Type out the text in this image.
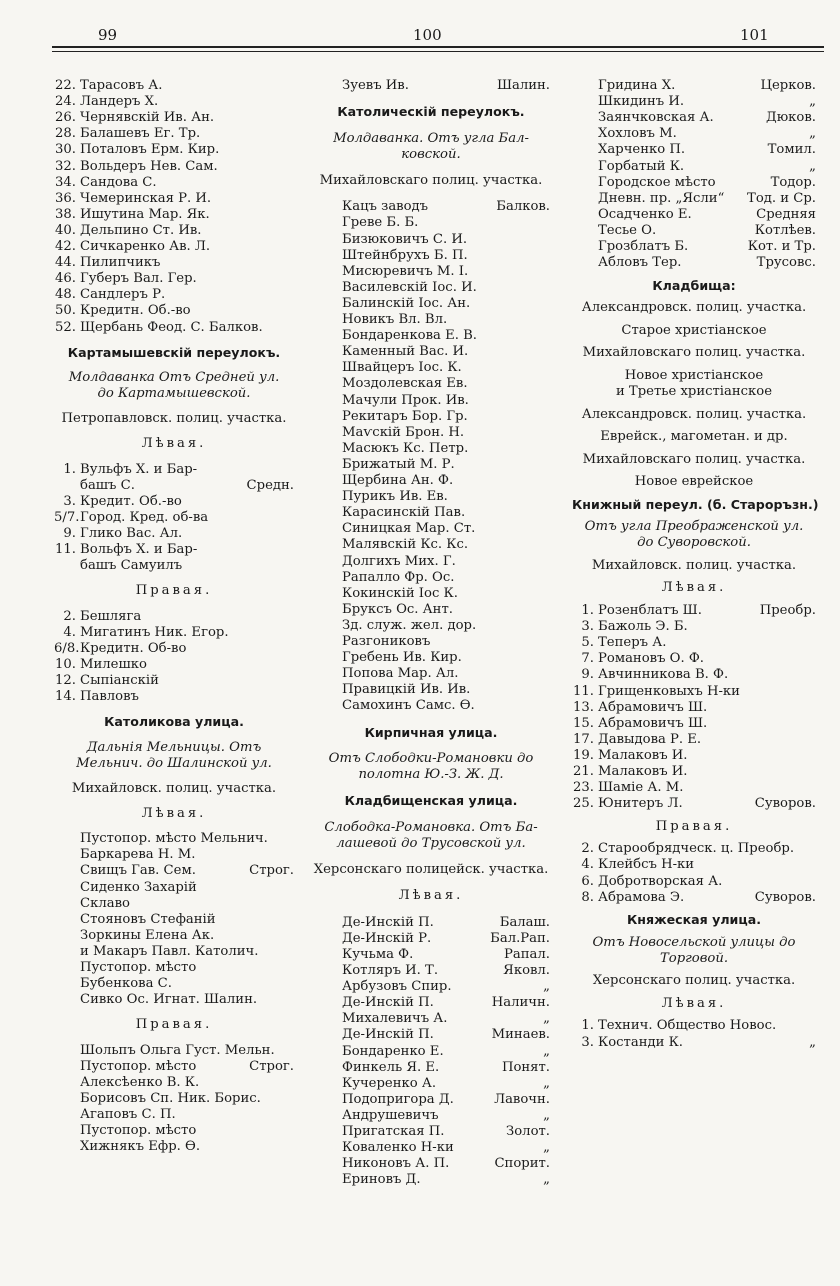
99	100	101
22. Тарасовъ А.
24. Ландеръ Х.
26. Чернявскій Ив. Ан.
28. Балашевъ Ег. Тр.
30. Поталовъ Ерм. Кир.
32. Вольдеръ Нев. Сам.
34. Сандова С.
36. Чемеринская Р. И.
38. Ишутина Мар. Як.
40. Дельпино Ст. Ив.
42. Сичкаренко Ав. Л.
44. Пилипчикъ
46. Губеръ Вал. Гер.
48. Сандлеръ Р.
50. Кредитн. Об.-во
52. Щербань Феод. С. Балков.
Картамышевскій переулокъ.
Молдаванка Отъ Средней ул.
до Картамышевской.
Петропавловск. полиц. участка.
Лѣвая.
1. Вульфъ Х. и Бар-
башъ С.	Средн.
3. Кредит. Об.-во
5/7.Город. Кред. об-ва
9. Глико Вас. Ал.
11. Вольфъ Х. и Бар-
башъ Самуилъ
Правая.
2. Бешляга
4. Мигатинъ Ник. Егор.
6/8.Кредитн. Об-во
10. Милешко
12. Сыпіанскій
14. Павловъ
Католикова улица.
Дальнія Мельницы. Отъ
Мельнич. до Шалинской ул.
Михайловск. полиц. участка.
Лѣвая.
Пустопор. мѣсто Мельнич.
Баркарева Н. М.
Свищъ Гав. Сем.	Строг.
Сиденко Захарій
Склаво
Стояновъ Стефаній
Зоркины Елена Ак.
и Макаръ Павл. Католич.
Пустопор. мѣсто
Бубенкова С.
Сивко Ос. Игнат. Шалин.
Правая.
Шольпъ Ольга Густ. Мельн.
Пустопор. мѣсто	Строг.
Алексѣенко В. К.
Борисовъ Сп. Ник. Борис.
Агаповъ С. П.
Пустопор. мѣсто
Хижнякъ Ефр. Ѳ.
Зуевъ Ив.	Шалин.
Католическій переулокъ.
Молдаванка. Отъ угла Бал-
ковской.
Михайловскаго полиц. участка.
Кацъ заводъ	Балков.
Греве Б. Б.
Бизюковичъ С. И.
Штейнбрухъ Б. П.
Мисюревичъ М. І.
Василевскій Іос. И.
Балинскій Іос. Ан.
Новикъ Вл. Вл.
Бондаренкова Е. В.
Каменный Вас. И.
Швайцеръ Іос. К.
Моздолевская Ев.
Мачули Прок. Ив.
Рекитаръ Бор. Гр.
Маѵскій Брон. Н.
Масюкъ Кс. Петр.
Брижатый М. Р.
Щербина Ан. Ф.
Пурикъ Ив. Ев.
Карасинскій Пав.
Синицкая Мар. Ст.
Малявскій Кс. Кс.
Долгихъ Мих. Г.
Рапалло Фр. Ос.
Кокинскій Іос К.
Бруксъ Ос. Ант.
Зд. служ. жел. дор.
Разгониковъ
Гребень Ив. Кир.
Попова Мар. Ал.
Правицкій Ив. Ив.
Самохинъ Самс. Ѳ.
Кирпичная улица.
Отъ Слободки-Романовки до
полотна Ю.-З. Ж. Д.
Кладбищенская улица.
Слободка-Романовка. Отъ Ба-
лашевой до Трусовской ул.
Херсонскаго полицейск. участка.
Лѣвая.
Де-Инскій П.	Балаш.
Де-Инскій Р.	Бал.Рап.
Кучьма Ф.	Рапал.
Котляръ И. Т.	Яковл.
Арбузовъ Спир.	„
Де-Инскій П.	Наличн.
Михалевичъ А.	„
Де-Инскій П.	Минаев.
Бондаренко Е.	„
Финкель Я. Е.	Понят.
Кучеренко А.	„
Подопригора Д.	Лавочн.
Андрушевичъ	„
Пригатская П.	Золот.
Коваленко Н-ки	„
Никоновъ А. П.	Спорит.
Ериновъ Д.	„
Гридина Х.	Церков.
Шкидинъ И.	„
Заянчковская А.	Дюков.
Хохловъ М.	„
Харченко П.	Томил.
Горбатый К.	„
Городское мѣсто	Тодор.
Дневн. пр. „Ясли“ Тод. и Ср.
Осадченко Е.	Средняя
Тесье О.	Котлѣев.
Грозблатъ Б.	Кот. и Тр.
Абловъ Тер.	Трусовс.
Кладбища:
Александровск. полиц. участка.
Старое христіанское
Михайловскаго полиц. участка.
Новое христіанское
и Третье христіанское
Александровск. полиц. участка.
Еврейск., магометан. и др.
Михайловскаго полиц. участка.
Новое еврейское
Книжный переул. (б. Староръзн.)
Отъ угла Преображенской ул.
до Суворовской.
Михайловск. полиц. участка.
Лѣвая.
1. Розенблатъ Ш.	Преобр.
3. Бажоль Э. Б.
5. Теперъ А.
7. Романовъ О. Ф.
9. Авчинникова В. Ф.
11. Грищенковыхъ Н-ки
13. Абрамовичъ Ш.
15. Абрамовичъ Ш.
17. Давыдова Р. Е.
19. Малаковъ И.
21. Малаковъ И.
23. Шаміе А. М.
25. Юнитеръ Л.	Суворов.
Правая.
2. Старообрядческ. ц. Преобр.
4. Клейбсъ Н-ки
6. Добротворская А.
8. Абрамова Э.	Суворов.
Княжеская улица.
Отъ Новосельской улицы до
Торговой.
Херсонскаго полиц. участка.
Лѣвая.
1. Технич. Общество Новос.
3. Костанди К.	„
